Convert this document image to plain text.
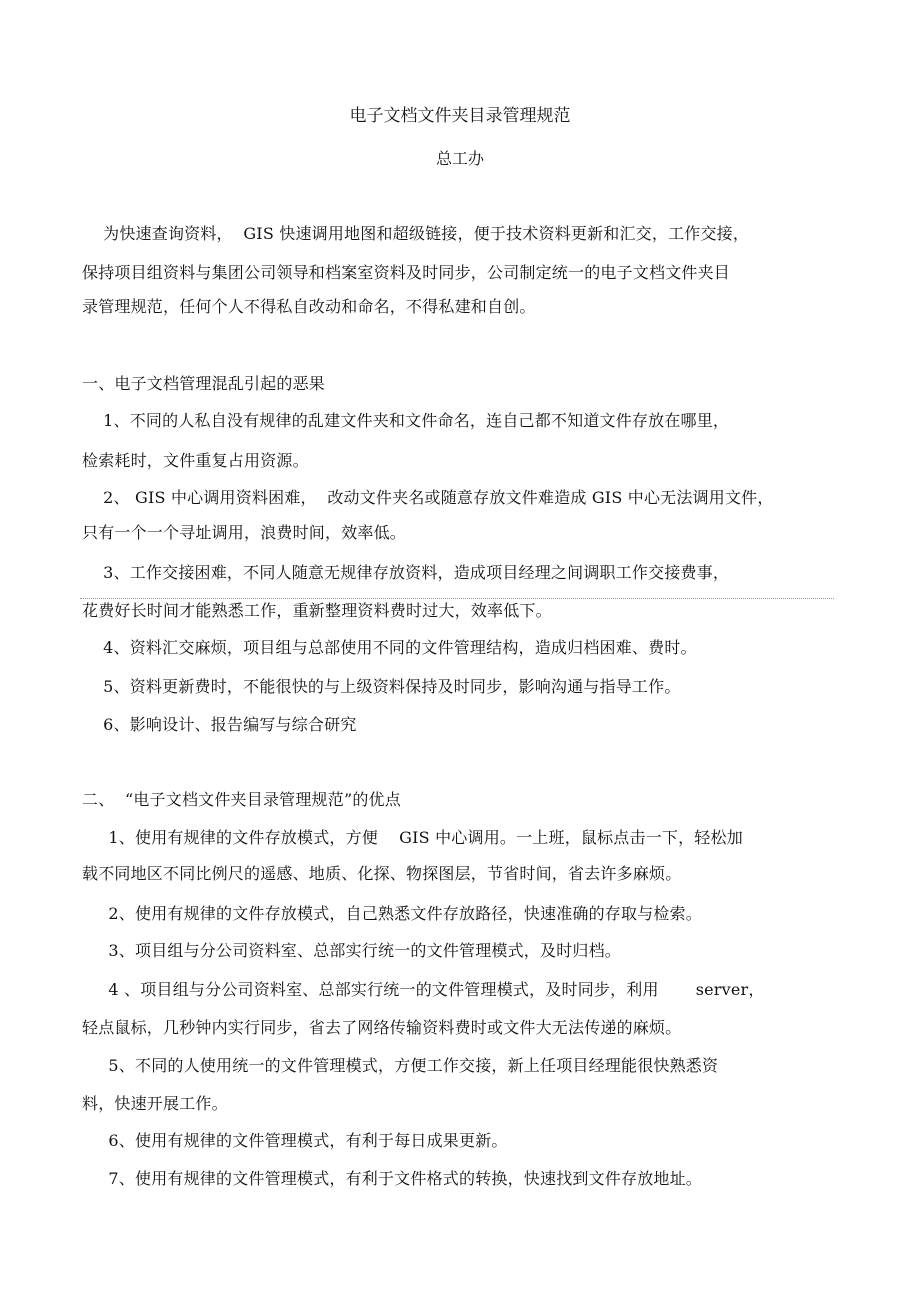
电子文档文件夹目录管理规范

总工办

为快速查询资料，  GIS 快速调用地图和超级链接，便于技术资料更新和汇交，工作交接，

保持项目组资料与集团公司领导和档案室资料及时同步，公司制定统一的电子文档文件夹目

录管理规范，任何个人不得私自改动和命名，不得私建和自创。

一、电子文档管理混乱引起的恶果

1、不同的人私自没有规律的乱建文件夹和文件命名，连自己都不知道文件存放在哪里，

检索耗时，文件重复占用资源。

2、 GIS 中心调用资料困难，  改动文件夹名或随意存放文件难造成 GIS 中心无法调用文件，

只有一个一个寻址调用，浪费时间，效率低。

3、工作交接困难，不同人随意无规律存放资料，造成项目经理之间调职工作交接费事，

花费好长时间才能熟悉工作，重新整理资料费时过大，效率低下。

4、资料汇交麻烦，项目组与总部使用不同的文件管理结构，造成归档困难、费时。

5、资料更新费时，不能很快的与上级资料保持及时同步，影响沟通与指导工作。

6、影响设计、报告编写与综合研究

二、  “电子文档文件夹目录管理规范”的优点

1、使用有规律的文件存放模式，方便    GIS 中心调用。一上班，鼠标点击一下，轻松加

载不同地区不同比例尺的遥感、地质、化探、物探图层，节省时间，省去许多麻烦。

2、使用有规律的文件存放模式，自己熟悉文件存放路径，快速准确的存取与检索。

3、项目组与分公司资料室、总部实行统一的文件管理模式，及时归档。

4 、项目组与分公司资料室、总部实行统一的文件管理模式，及时同步，利用       server，

轻点鼠标，几秒钟内实行同步，省去了网络传输资料费时或文件大无法传递的麻烦。

5、不同的人使用统一的文件管理模式，方便工作交接，新上任项目经理能很快熟悉资

料，快速开展工作。

6、使用有规律的文件管理模式，有利于每日成果更新。

7、使用有规律的文件管理模式，有利于文件格式的转换，快速找到文件存放地址。
